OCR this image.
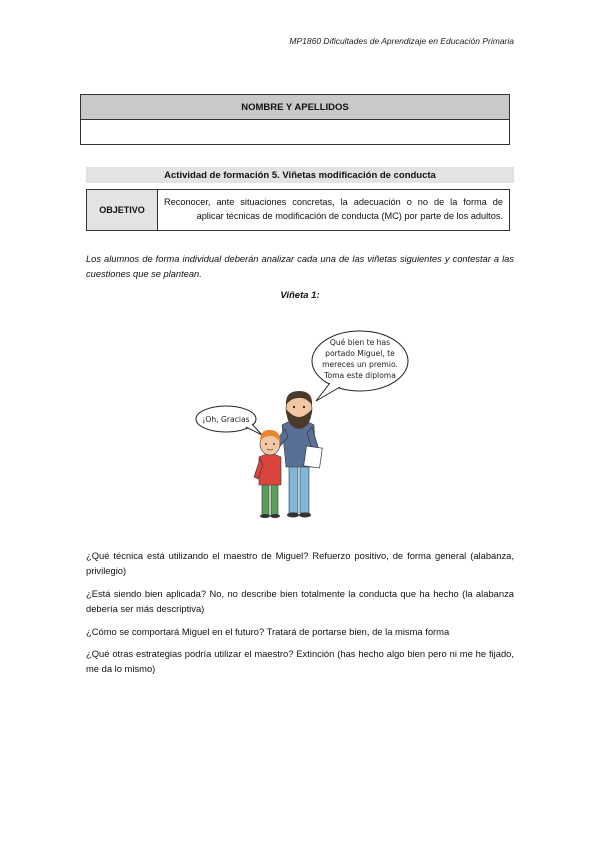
MP1860 Dificultades de Aprendizaje en Educación Primaria
NOMBRE Y APELLIDOS
Actividad de formación 5. Viñetas modificación de conducta
OBJETIVO
Reconocer, ante situaciones concretas, la adecuación o no de la forma de
aplicar técnicas de modificación de conducta (MC) por parte de los adultos.
Los alumnos de forma individual deberán analizar cada una de las viñetas siguientes y contestar a las cuestiones que se plantean.
Viñeta 1:
Qué bien te has
portado Miguel, te
mereces un premio.
Toma este diploma
¡Oh, Gracias
¿Qué técnica está utilizando el maestro de Miguel? Refuerzo positivo, de forma general (alabanza, privilegio)
¿Está siendo bien aplicada? No, no describe bien totalmente la conducta que ha hecho (la alabanza debería ser más descriptiva)
¿Cómo se comportará Miguel en el futuro? Tratará de portarse bien, de la misma forma
¿Qué otras estrategias podría utilizar el maestro? Extinción (has hecho algo bien pero ni me he fijado, me da lo mismo)
